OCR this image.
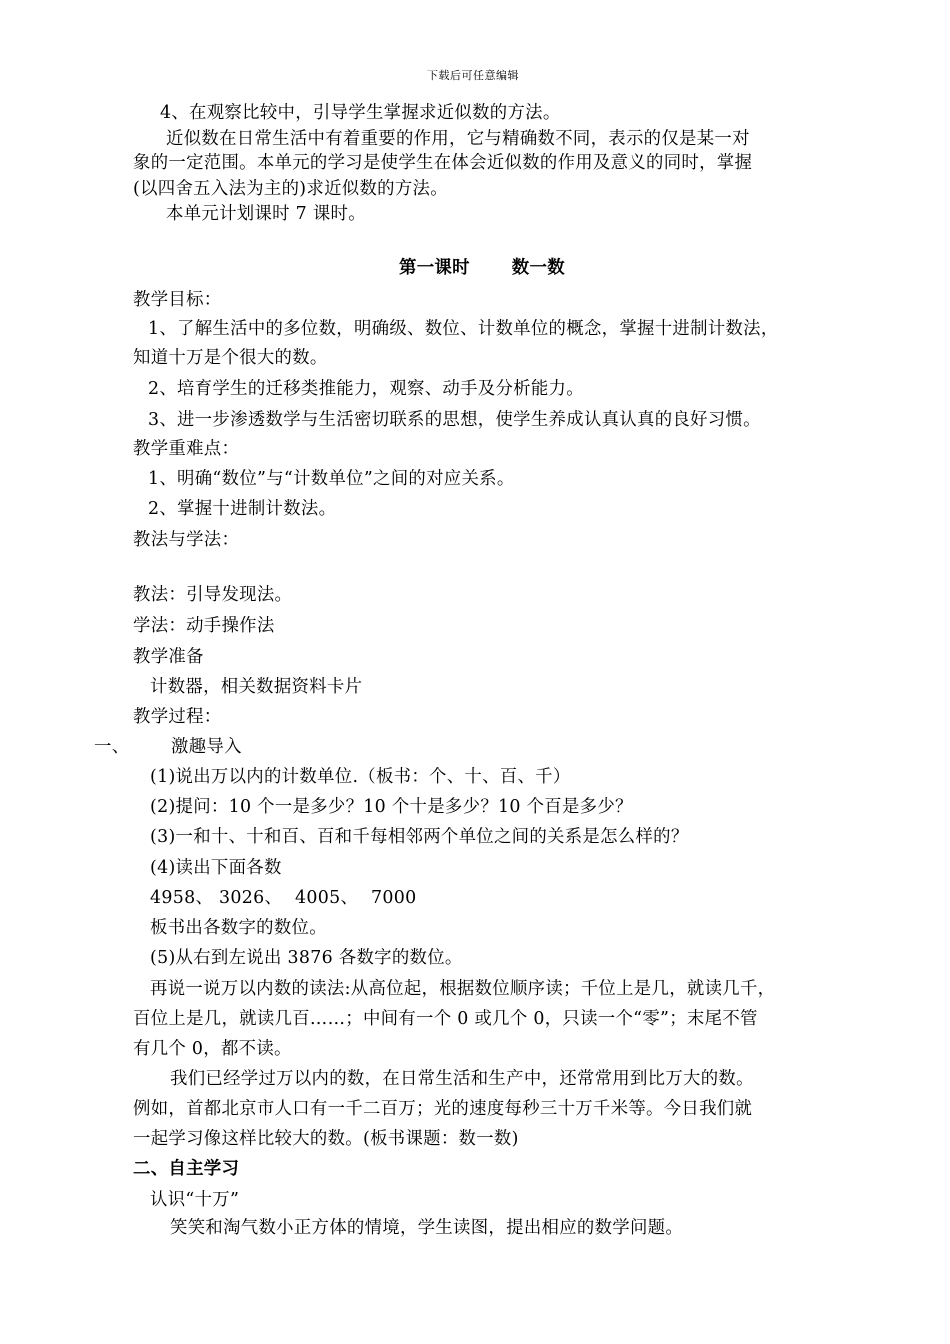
下载后可任意编辑

4、在观察比较中，引导学生掌握求近似数的方法。

近似数在日常生活中有着重要的作用，它与精确数不同，表示的仅是某一对

象的一定范围。本单元的学习是使学生在体会近似数的作用及意义的同时，掌握

(以四舍五入法为主的)求近似数的方法。

本单元计划课时 7 课时。

第一课时　 数一数

教学目标：

1、了解生活中的多位数，明确级、数位、计数单位的概念，掌握十进制计数法，

知道十万是个很大的数。

2、培育学生的迁移类推能力，观察、动手及分析能力。

3、进一步渗透数学与生活密切联系的思想，使学生养成认真认真的良好习惯。

教学重难点：

1、明确“数位”与“计数单位”之间的对应关系。

2、掌握十进制计数法。

教法与学法：

教法：引导发现法。

学法：动手操作法

教学准备

计数器，相关数据资料卡片

教学过程：

一、 激趣导入

(1)说出万以内的计数单位.（板书：个、十、百、千）

(2)提问：10 个一是多少？10 个十是多少？10 个百是多少？

(3)一和十、十和百、百和千每相邻两个单位之间的关系是怎么样的？

(4)读出下面各数

4958、 3026、 4005、 7000

板书出各数字的数位。

(5)从右到左说出 3876 各数字的数位。

再说一说万以内数的读法:从高位起，根据数位顺序读；千位上是几，就读几千，

百位上是几，就读几百……；中间有一个 0 或几个 0，只读一个“零”；末尾不管

有几个 0，都不读。

我们已经学过万以内的数，在日常生活和生产中，还常常用到比万大的数。

例如，首都北京市人口有一千二百万；光的速度每秒三十万千米等。今日我们就

一起学习像这样比较大的数。(板书课题：数一数)

二、自主学习

认识“十万”

笑笑和淘气数小正方体的情境，学生读图，提出相应的数学问题。
